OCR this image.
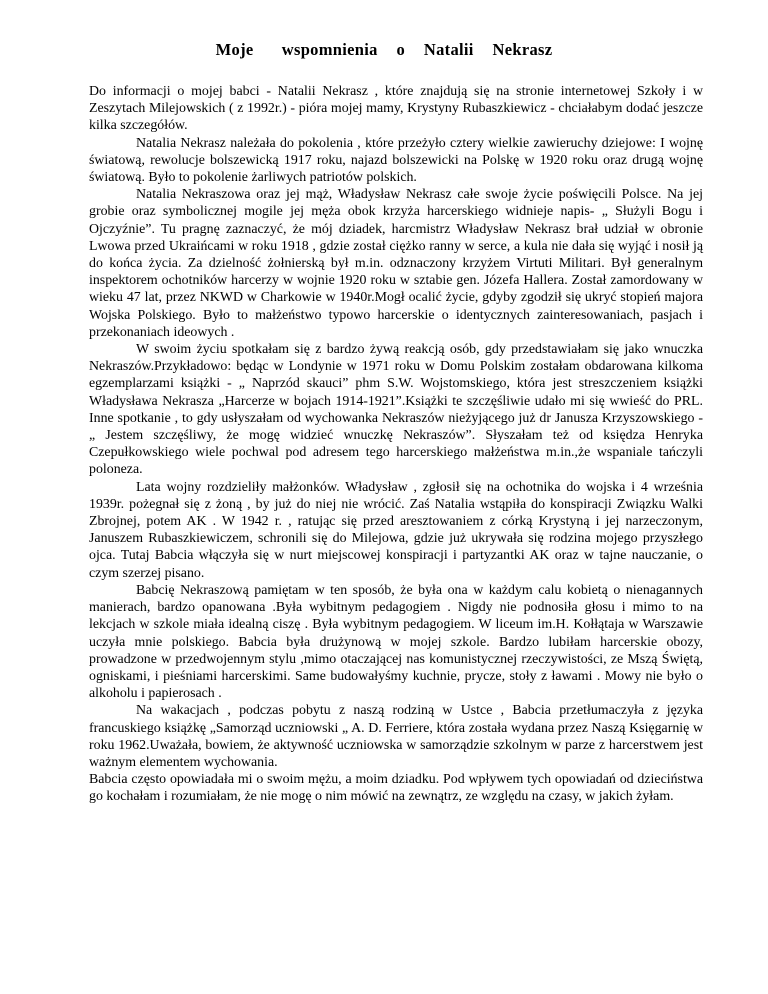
Moje   wspomnienia  o  Natalii  Nekrasz

Do informacji o mojej babci - Natalii Nekrasz , które znajdują się na stronie internetowej Szkoły i w Zeszytach Milejowskich ( z 1992r.) - pióra mojej mamy, Krystyny Rubaszkiewicz - chciałabym dodać jeszcze kilka szczegółów.

Natalia Nekrasz należała do pokolenia , które przeżyło cztery wielkie zawieruchy dziejowe: I wojnę światową, rewolucje bolszewicką 1917 roku, najazd bolszewicki na Polskę w 1920 roku oraz drugą wojnę światową. Było to pokolenie żarliwych patriotów polskich.

Natalia Nekraszowa oraz jej mąż, Władysław Nekrasz całe swoje życie poświęcili Polsce. Na jej grobie oraz symbolicznej mogile jej męża obok krzyża harcerskiego widnieje napis- „ Służyli Bogu i Ojczyźnie”. Tu pragnę zaznaczyć, że mój dziadek, harcmistrz Władysław Nekrasz brał udział w obronie Lwowa przed Ukraińcami w roku 1918 , gdzie został ciężko ranny w serce, a kula nie dała się wyjąć i nosił ją do końca życia. Za dzielność żołnierską był m.in. odznaczony krzyżem Virtuti Militari. Był generalnym inspektorem ochotników harcerzy w wojnie 1920 roku w sztabie gen. Józefa Hallera. Został zamordowany w wieku 47 lat, przez NKWD w Charkowie w 1940r.Mogł ocalić życie, gdyby zgodził się ukryć stopień majora Wojska Polskiego. Było to małżeństwo typowo harcerskie o identycznych zainteresowaniach, pasjach i przekonaniach ideowych .

W swoim życiu spotkałam się z bardzo żywą reakcją osób, gdy przedstawiałam się jako wnuczka Nekraszów.Przykładowo: będąc w Londynie w 1971 roku w Domu Polskim zostałam obdarowana kilkoma egzemplarzami książki - „ Naprzód skauci” phm S.W. Wojstomskiego, która jest streszczeniem książki Władysława Nekrasza „Harcerze w bojach 1914-1921”.Książki te szczęśliwie udało mi się wwieść do PRL. Inne spotkanie , to gdy usłyszałam od wychowanka Nekraszów nieżyjącego już dr Janusza Krzyszowskiego - „ Jestem szczęśliwy, że mogę widzieć wnuczkę Nekraszów”. Słyszałam też od księdza Henryka Czepułkowskiego wiele pochwal pod adresem tego harcerskiego małżeństwa m.in.,że wspaniale tańczyli poloneza.

Lata wojny rozdzieliły małżonków. Władysław , zgłosił się na ochotnika do wojska i 4 września 1939r. pożegnał się z żoną , by już do niej nie wrócić. Zaś Natalia wstąpiła do konspiracji Związku Walki Zbrojnej, potem AK . W 1942 r. , ratując się przed aresztowaniem z córką Krystyną i jej narzeczonym, Januszem Rubaszkiewiczem, schronili się do Milejowa, gdzie już ukrywała się rodzina mojego przyszłego ojca. Tutaj Babcia włączyła się w nurt miejscowej konspiracji i partyzantki AK oraz w tajne nauczanie, o czym szerzej pisano.

Babcię Nekraszową pamiętam w ten sposób, że była ona w każdym calu kobietą o nienagannych manierach, bardzo opanowana .Była wybitnym pedagogiem . Nigdy nie podnosiła głosu i mimo to na lekcjach w szkole miała idealną ciszę . Była wybitnym pedagogiem. W liceum im.H. Kołłątaja w Warszawie uczyła mnie polskiego. Babcia była drużynową w mojej szkole. Bardzo lubiłam harcerskie obozy, prowadzone w przedwojennym stylu ,mimo otaczającej nas komunistycznej rzeczywistości, ze Mszą Świętą, ogniskami, i pieśniami harcerskimi. Same budowałyśmy kuchnie, prycze, stoły z ławami . Mowy nie było o alkoholu i papierosach .

Na wakacjach , podczas pobytu z naszą rodziną w Ustce , Babcia przetłumaczyła z języka francuskiego książkę „Samorząd uczniowski „ A. D. Ferriere, która została wydana przez Naszą Księgarnię w roku 1962.Uważała, bowiem, że aktywność uczniowska w samorządzie szkolnym w parze z harcerstwem jest ważnym elementem wychowania.

Babcia często opowiadała mi o swoim mężu, a moim dziadku. Pod wpływem tych opowiadań od dzieciństwa go kochałam i rozumiałam, że nie mogę o nim mówić na zewnątrz, ze względu na czasy, w jakich żyłam.
